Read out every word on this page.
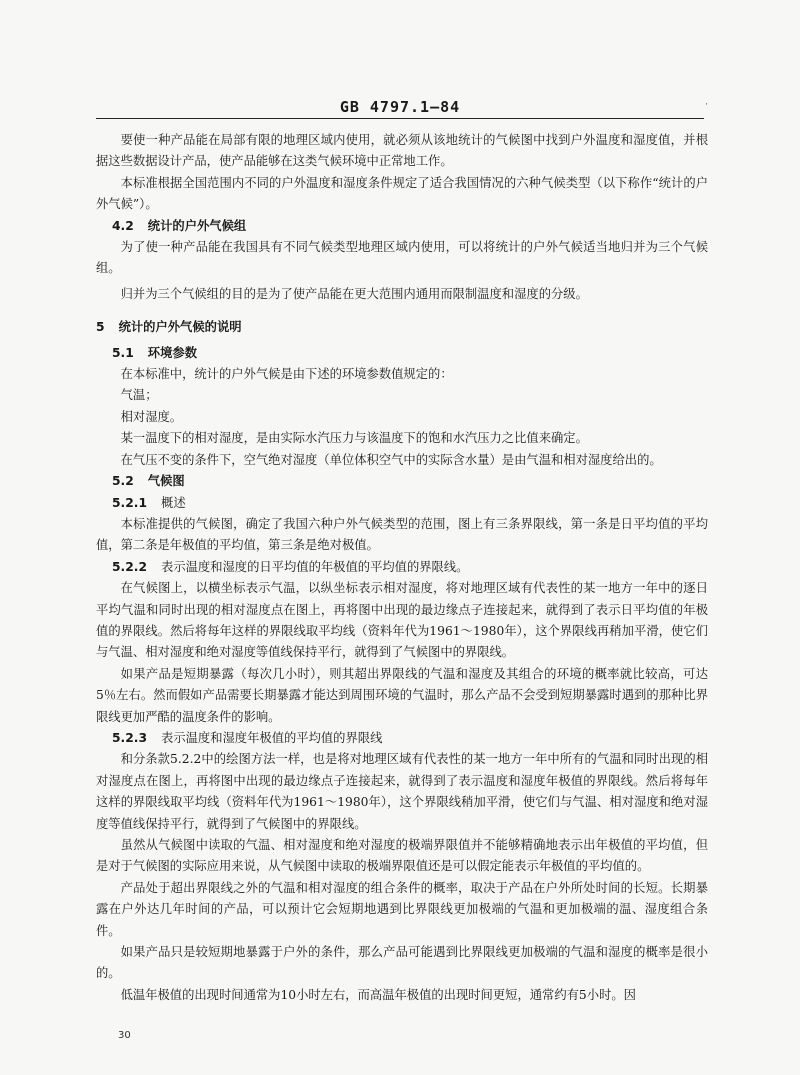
GB 4797.1—84	·

要使一种产品能在局部有限的地理区域内使用，就必须从该地统计的气候图中找到户外温度和湿度值，并根据这些数据设计产品，使产品能够在这类气候环境中正常地工作。

本标准根据全国范围内不同的户外温度和湿度条件规定了适合我国情况的六种气候类型（以下称作“统计的户外气候”）。

4.2 统计的户外气候组

为了使一种产品能在我国具有不同气候类型地理区域内使用，可以将统计的户外气候适当地归并为三个气候组。

归并为三个气候组的目的是为了使产品能在更大范围内通用而限制温度和湿度的分级。

5 统计的户外气候的说明
5.1 环境参数

在本标准中，统计的户外气候是由下述的环境参数值规定的：

气温；

相对湿度。

某一温度下的相对湿度，是由实际水汽压力与该温度下的饱和水汽压力之比值来确定。

在气压不变的条件下，空气绝对湿度（单位体积空气中的实际含水量）是由气温和相对湿度给出的。

5.2 气候图
5.2.1 概述

本标准提供的气候图，确定了我国六种户外气候类型的范围，图上有三条界限线，第一条是日平均值的平均值，第二条是年极值的平均值，第三条是绝对极值。

5.2.2 表示温度和湿度的日平均值的年极值的平均值的界限线。

在气候图上，以横坐标表示气温，以纵坐标表示相对湿度，将对地理区域有代表性的某一地方一年中的逐日平均气温和同时出现的相对湿度点在图上，再将图中出现的最边缘点子连接起来，就得到了表示日平均值的年极值的界限线。然后将每年这样的界限线取平均线（资料年代为1961～1980年），这个界限线再稍加平滑，使它们与气温、相对湿度和绝对湿度等值线保持平行，就得到了气候图中的界限线。

如果产品是短期暴露（每次几小时），则其超出界限线的气温和湿度及其组合的环境的概率就比较高，可达5％左右。然而假如产品需要长期暴露才能达到周围环境的气温时，那么产品不会受到短期暴露时遇到的那种比界限线更加严酷的温度条件的影响。

5.2.3 表示温度和湿度年极值的平均值的界限线

和分条款5.2.2中的绘图方法一样，也是将对地理区域有代表性的某一地方一年中所有的气温和同时出现的相对湿度点在图上，再将图中出现的最边缘点子连接起来，就得到了表示温度和湿度年极值的界限线。然后将每年这样的界限线取平均线（资料年代为1961～1980年），这个界限线稍加平滑，使它们与气温、相对湿度和绝对湿度等值线保持平行，就得到了气候图中的界限线。

虽然从气候图中读取的气温、相对湿度和绝对湿度的极端界限值并不能够精确地表示出年极值的平均值，但是对于气候图的实际应用来说，从气候图中读取的极端界限值还是可以假定能表示年极值的平均值的。

产品处于超出界限线之外的气温和相对湿度的组合条件的概率，取决于产品在户外所处时间的长短。长期暴露在户外达几年时间的产品，可以预计它会短期地遇到比界限线更加极端的气温和更加极端的温、湿度组合条件。

如果产品只是较短期地暴露于户外的条件，那么产品可能遇到比界限线更加极端的气温和湿度的概率是很小的。

低温年极值的出现时间通常为10小时左右，而高温年极值的出现时间更短，通常约有5小时。因

30
